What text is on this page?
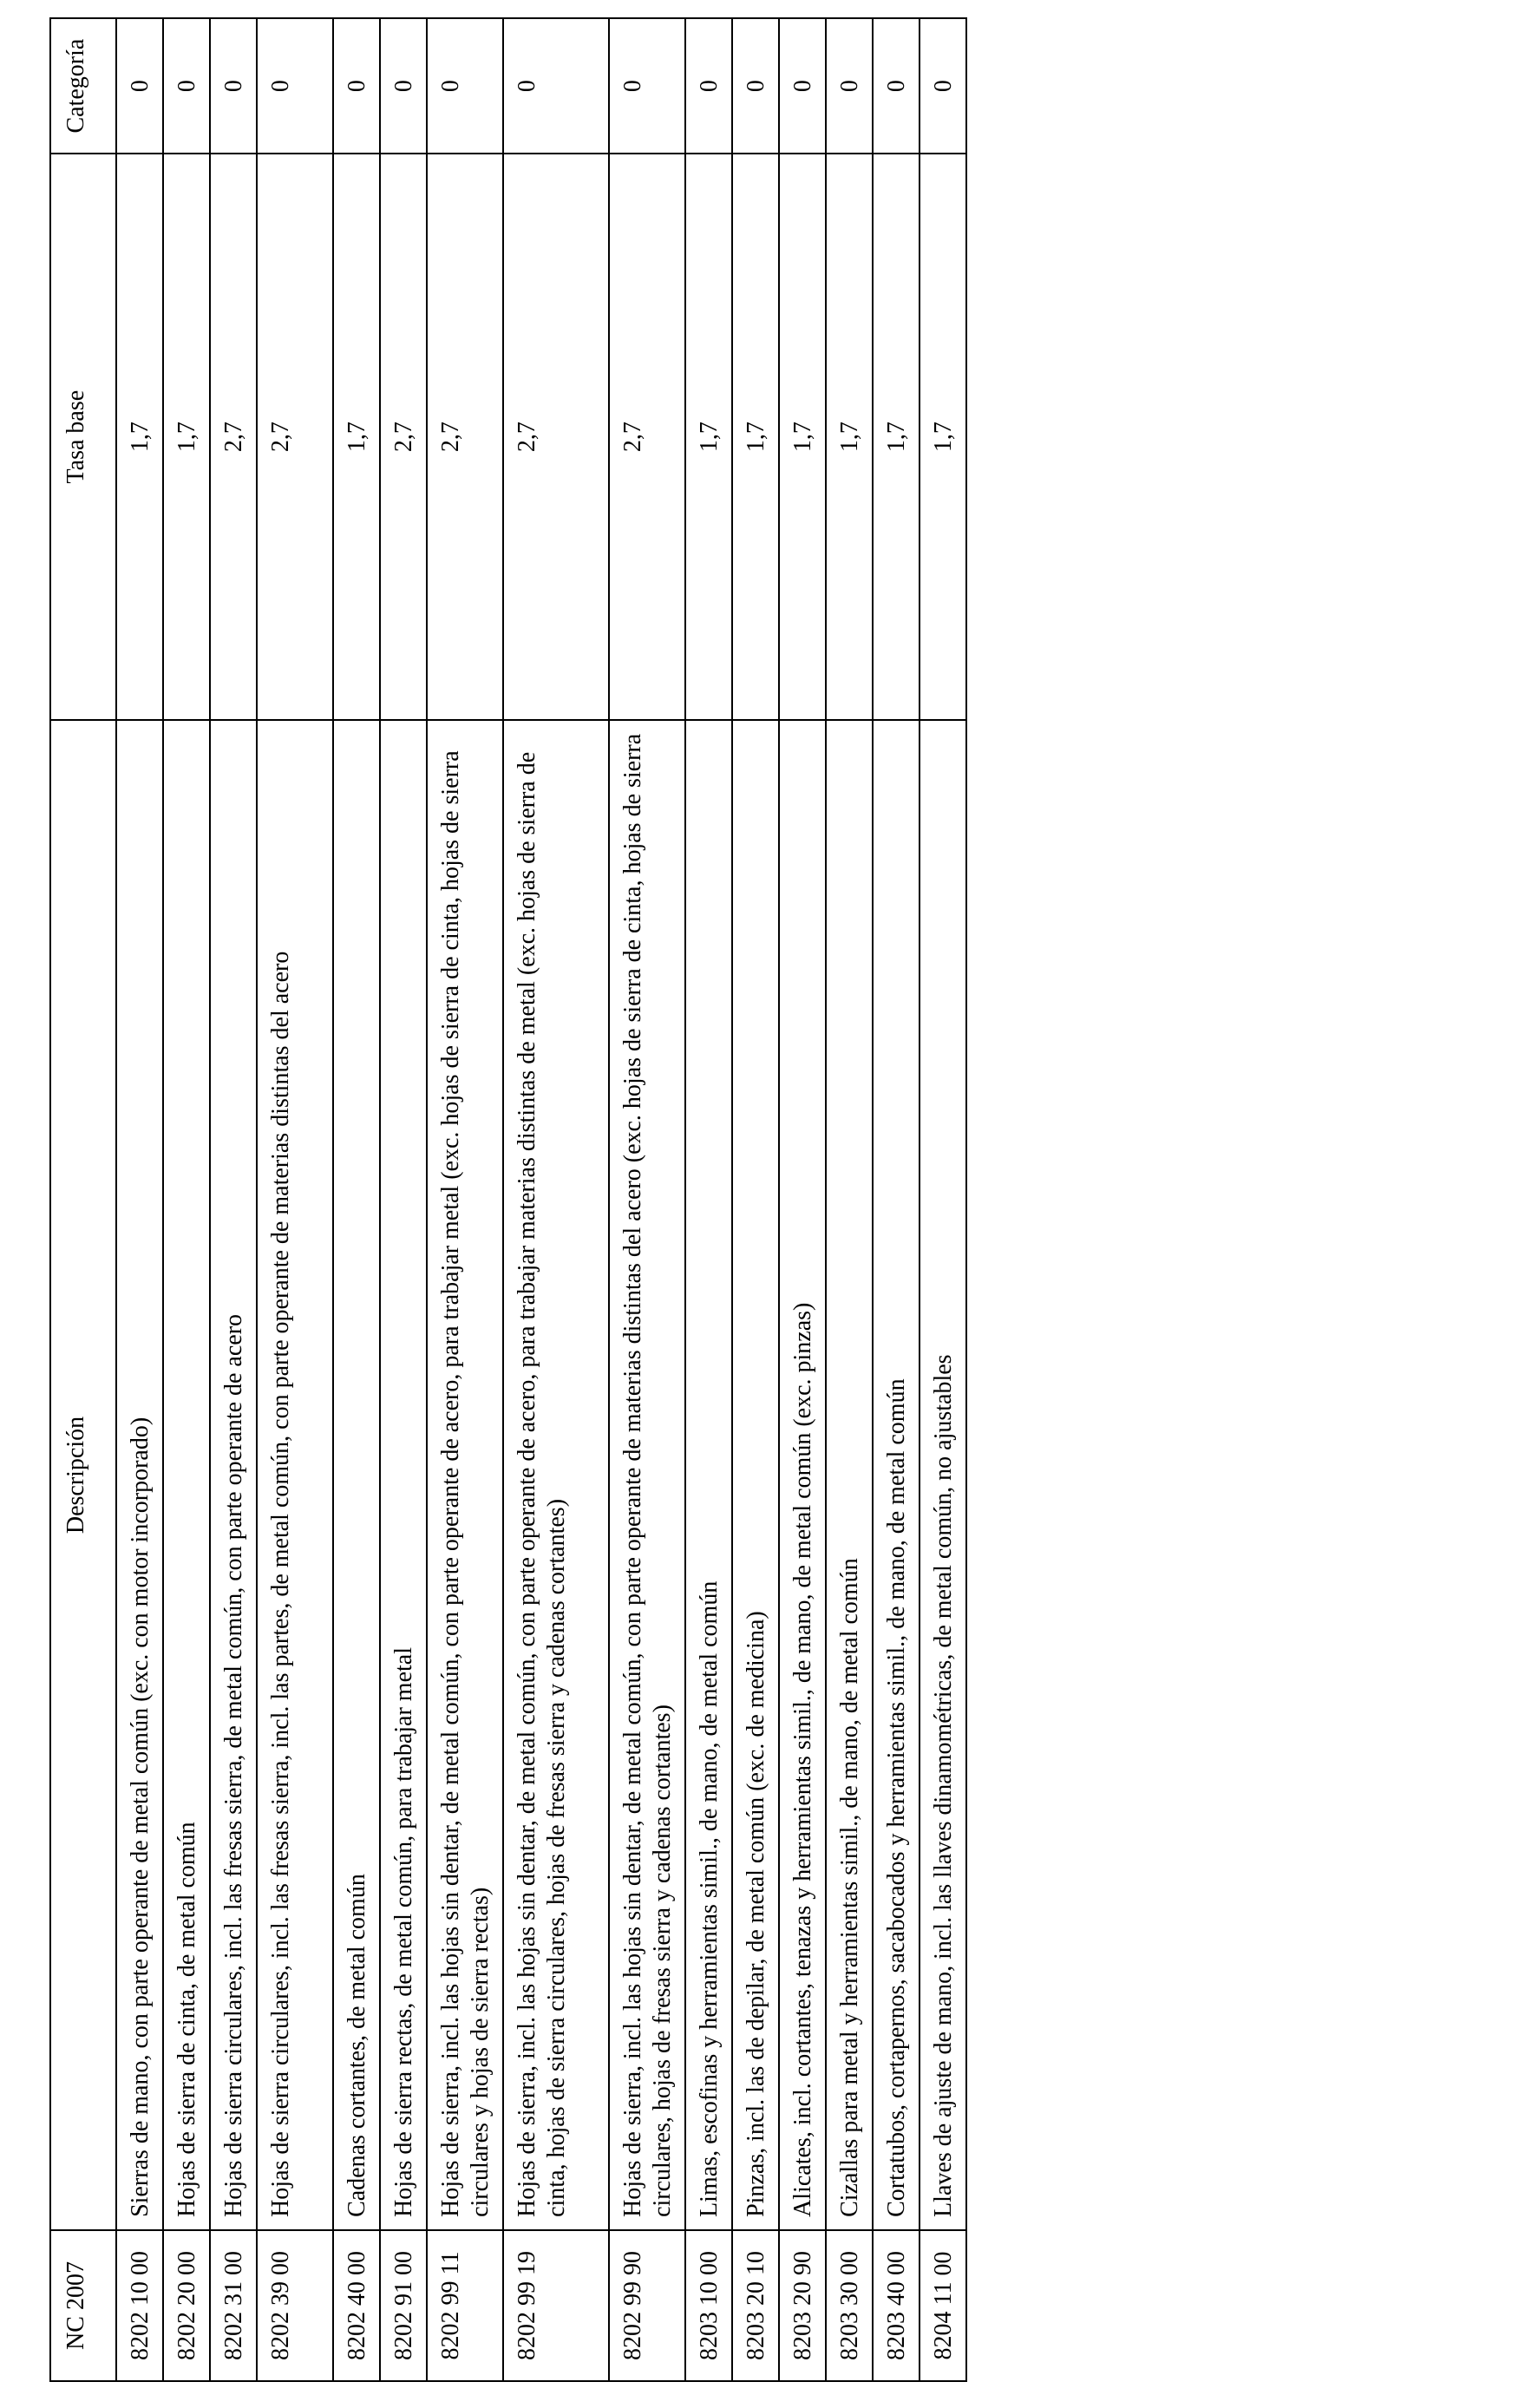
NC 2007	Descripción	Tasa base	Categoría
8202 10 00	Sierras de mano, con parte operante de metal común (exc. con motor incorporado)	1,7	0
8202 20 00	Hojas de sierra de cinta, de metal común	1,7	0
8202 31 00	Hojas de sierra circulares, incl. las fresas sierra, de metal común, con parte operante de acero	2,7	0
8202 39 00	Hojas de sierra circulares, incl. las fresas sierra, incl. las partes, de metal común, con parte operante de materias distintas del acero	2,7	0
8202 40 00	Cadenas cortantes, de metal común	1,7	0
8202 91 00	Hojas de sierra rectas, de metal común, para trabajar metal	2,7	0
8202 99 11	Hojas de sierra, incl. las hojas sin dentar, de metal común, con parte operante de acero, para trabajar metal (exc. hojas de sierra de cinta, hojas de sierra circulares y hojas de sierra rectas)	2,7	0
8202 99 19	Hojas de sierra, incl. las hojas sin dentar, de metal común, con parte operante de acero, para trabajar materias distintas de metal (exc. hojas de sierra de cinta, hojas de sierra circulares, hojas de fresas sierra y cadenas cortantes)	2,7	0
8202 99 90	Hojas de sierra, incl. las hojas sin dentar, de metal común, con parte operante de materias distintas del acero (exc. hojas de sierra de cinta, hojas de sierra circulares, hojas de fresas sierra y cadenas cortantes)	2,7	0
8203 10 00	Limas, escofinas y herramientas simil., de mano, de metal común	1,7	0
8203 20 10	Pinzas, incl. las de depilar, de metal común (exc. de medicina)	1,7	0
8203 20 90	Alicates, incl. cortantes, tenazas y herramientas simil., de mano, de metal común (exc. pinzas)	1,7	0
8203 30 00	Cizallas para metal y herramientas simil., de mano, de metal común	1,7	0
8203 40 00	Cortatubos, cortapernos, sacabocados y herramientas simil., de mano, de metal común	1,7	0
8204 11 00	Llaves de ajuste de mano, incl. las llaves dinamométricas, de metal común, no ajustables	1,7	0
